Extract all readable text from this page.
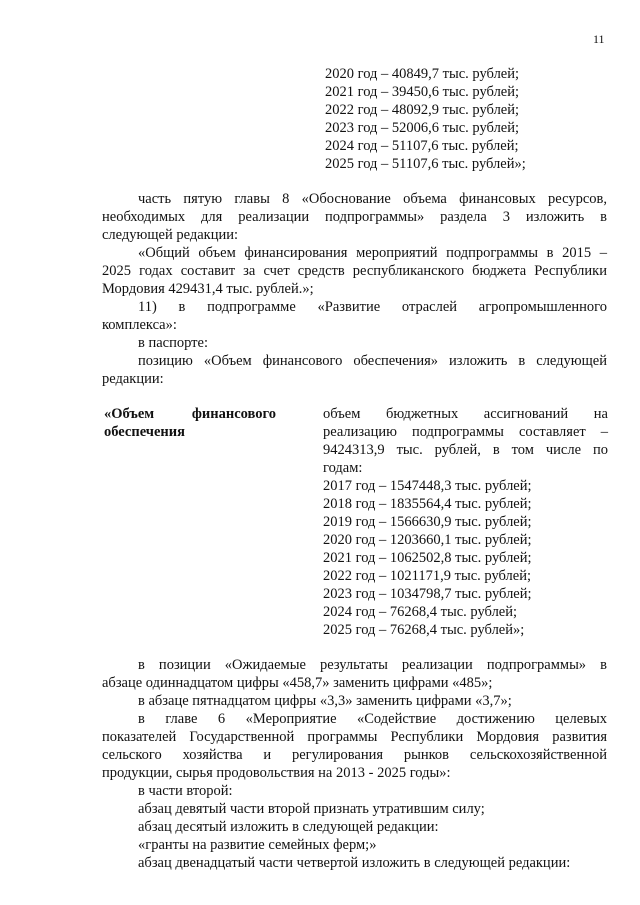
11
2020 год – 40849,7 тыс. рублей;
2021 год – 39450,6 тыс. рублей;
2022 год – 48092,9 тыс. рублей;
2023 год – 52006,6 тыс. рублей;
2024 год – 51107,6 тыс. рублей;
2025 год – 51107,6 тыс. рублей»;
часть пятую главы 8 «Обоснование объема финансовых ресурсов,
необходимых для реализации подпрограммы» раздела 3 изложить в
следующей редакции:
«Общий объем финансирования мероприятий подпрограммы в 2015 –
2025 годах составит за счет средств республиканского бюджета Республики
Мордовия 429431,4 тыс. рублей.»;
11) в подпрограмме «Развитие отраслей агропромышленного
комплекса»:
в паспорте:
позицию «Объем финансового обеспечения» изложить в следующей
редакции:
«Объем финансового
обеспечения
объем бюджетных ассигнований на
реализацию подпрограммы составляет –
9424313,9 тыс. рублей, в том числе по
годам:
2017 год – 1547448,3 тыс. рублей;
2018 год – 1835564,4 тыс. рублей;
2019 год – 1566630,9 тыс. рублей;
2020 год – 1203660,1 тыс. рублей;
2021 год – 1062502,8 тыс. рублей;
2022 год – 1021171,9 тыс. рублей;
2023 год – 1034798,7 тыс. рублей;
2024 год – 76268,4 тыс. рублей;
2025 год – 76268,4 тыс. рублей»;
в позиции «Ожидаемые результаты реализации подпрограммы» в
абзаце одиннадцатом цифры «458,7» заменить цифрами «485»;
в абзаце пятнадцатом цифры «3,3» заменить цифрами «3,7»;
в главе 6 «Мероприятие «Содействие достижению целевых
показателей Государственной программы Республики Мордовия развития
сельского хозяйства и регулирования рынков сельскохозяйственной
продукции, сырья продовольствия на 2013 - 2025 годы»:
в части второй:
абзац девятый части второй признать утратившим силу;
абзац десятый изложить в следующей редакции:
«гранты на развитие семейных ферм;»
абзац двенадцатый части четвертой изложить в следующей редакции:
